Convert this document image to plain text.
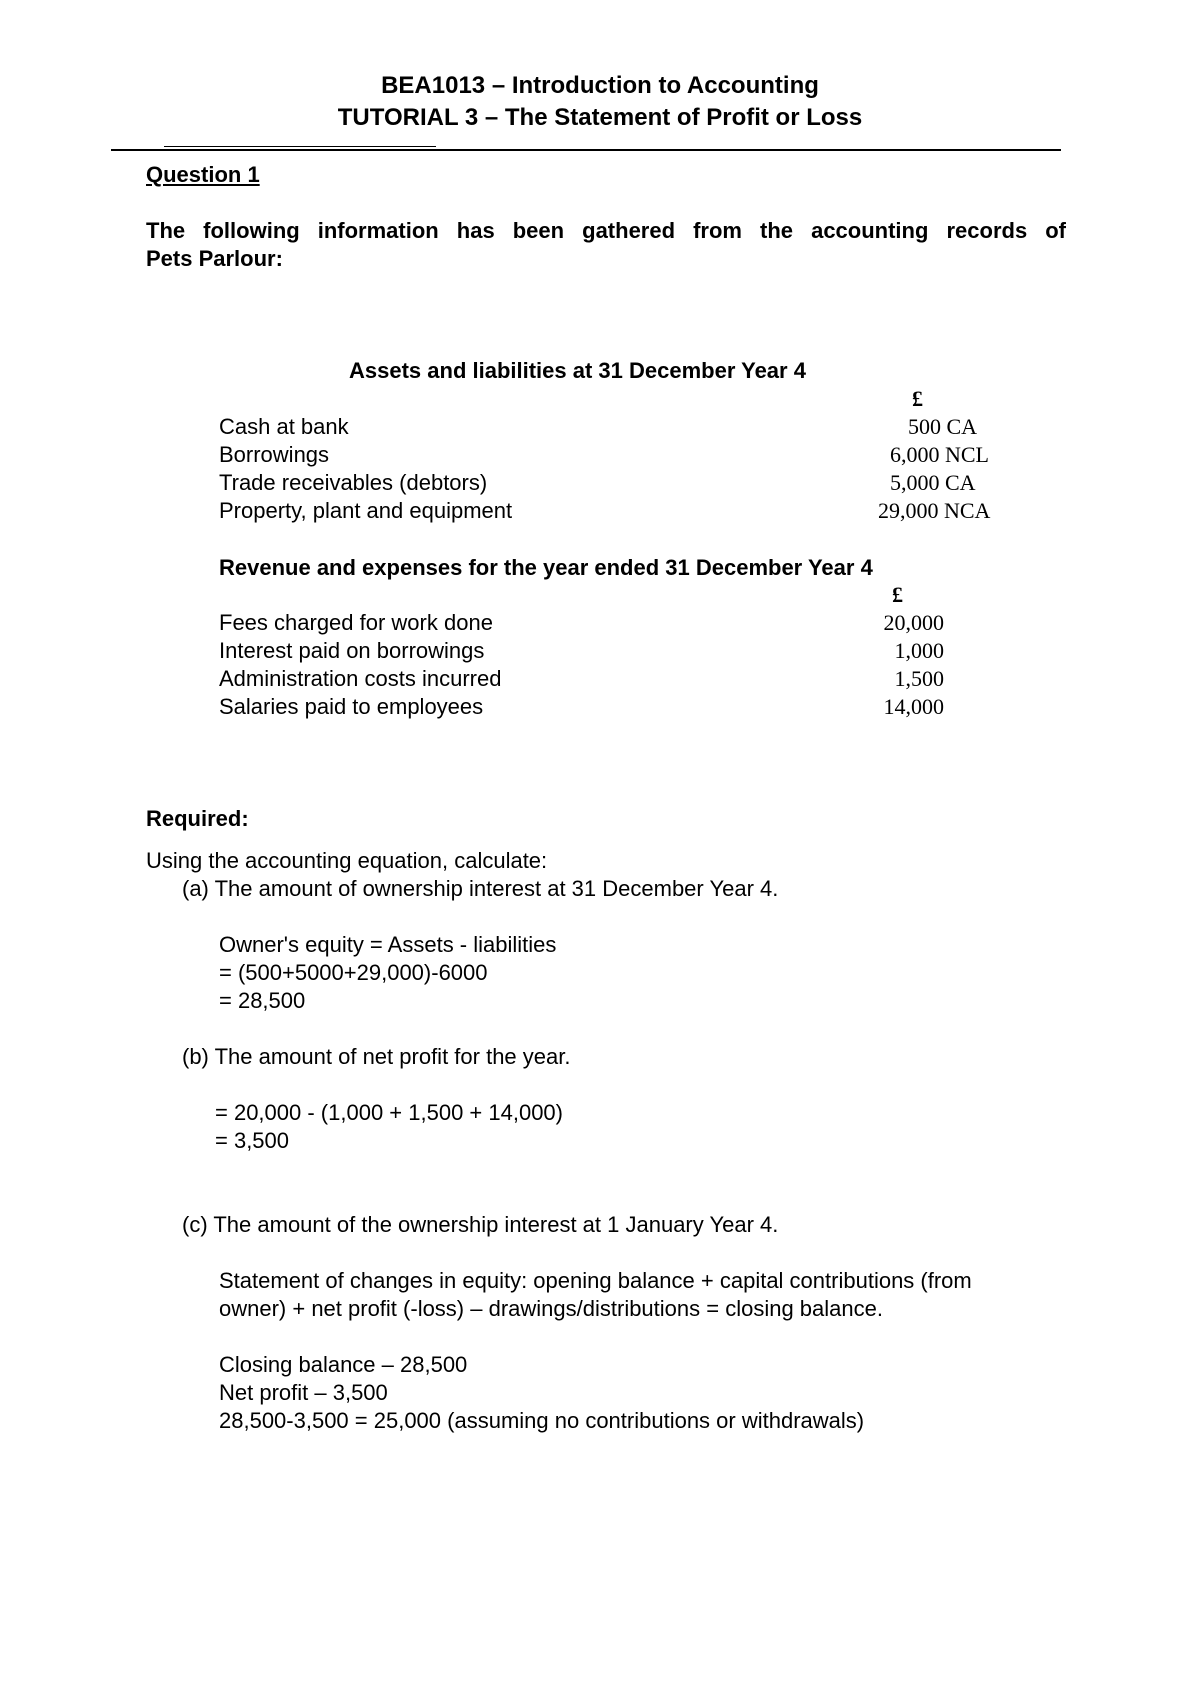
BEA1013 – Introduction to Accounting
TUTORIAL 3 – The Statement of Profit or Loss
Question 1
The following information has been gathered from the accounting records of
Pets Parlour:
Assets and liabilities at 31 December Year 4
£
Cash at bank	500 CA
Borrowings	6,000 NCL
Trade receivables (debtors)	5,000 CA
Property, plant and equipment	29,000 NCA
Revenue and expenses for the year ended 31 December Year 4
£
Fees charged for work done	20,000
Interest paid on borrowings	1,000
Administration costs incurred	1,500
Salaries paid to employees	14,000
Required:
Using the accounting equation, calculate:
(a) The amount of ownership interest at 31 December Year 4.
Owner's equity = Assets - liabilities
= (500+5000+29,000)-6000
= 28,500
(b) The amount of net profit for the year.
= 20,000 - (1,000 + 1,500 + 14,000)
= 3,500
(c) The amount of the ownership interest at 1 January Year 4.
Statement of changes in equity: opening balance + capital contributions (from
owner) + net profit (-loss) – drawings/distributions = closing balance.
Closing balance – 28,500
Net profit – 3,500
28,500-3,500 = 25,000 (assuming no contributions or withdrawals)
